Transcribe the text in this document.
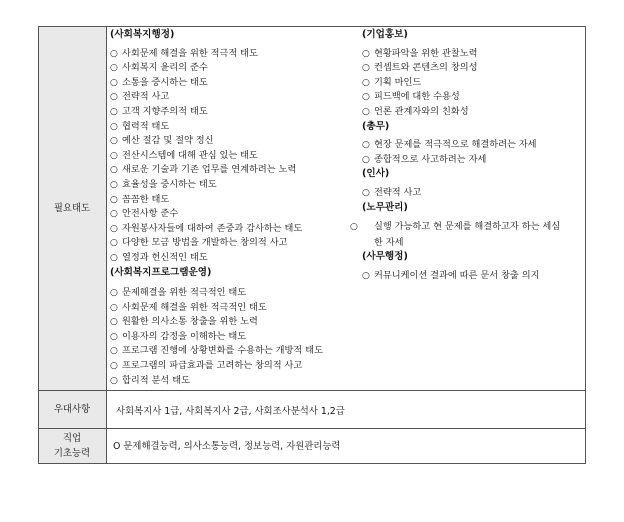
필요태도
우대사항
직업
기초능력
(사회복지행정)
○ 사회문제 해결을 위한 적극적 태도
○ 사회복지 윤리의 준수
○ 소통을 중시하는 태도
○ 전략적 사고
○ 고객 지향주의적 태도
○ 협력적 태도
○ 예산 절감 및 절약 정신
○ 전산시스템에 대해 관심 있는 태도
○ 새로운 기술과 기존 업무를 연계하려는 노력
○ 효율성을 중시하는 태도
○ 꼼꼼한 태도
○ 안전사항 준수
○ 자원봉사자들에 대하여 존중과 감사하는 태도
○ 다양한 모금 방법을 개발하는 창의적 사고
○ 열정과 헌신적인 태도
(사회복지프로그램운영)
○ 문제해결을 위한 적극적인 태도
○ 사회문제 해결을 위한 적극적인 태도
○ 원활한 의사소통 창출을 위한 노력
○ 이용자의 감정을 이해하는 태도
○ 프로그램 진행에 상황변화를 수용하는 개방적 태도
○ 프로그램의 파급효과를 고려하는 창의적 사고
○ 합리적 분석 태도
(기업홍보)
○ 현황파악을 위한 관찰노력
○ 컨셉트와 콘텐츠의 창의성
○ 기획 마인드
○ 피드백에 대한 수용성
○ 언론 관계자와의 친화성
(총무)
○ 현장 문제를 적극적으로 해결하려는 자세
○ 종합적으로 사고하려는 자세
(인사)
○ 전략적 사고
(노무관리)
○ 실행 가능하고 현 문제를 해결하고자 하는 세심한 자세
(사무행정)
○ 커뮤니케이션 결과에 따른 문서 창출 의지
사회복지사 1급, 사회복지사 2급, 사회조사분석사 1,2급
O 문제해결능력, 의사소통능력, 정보능력, 자원관리능력
